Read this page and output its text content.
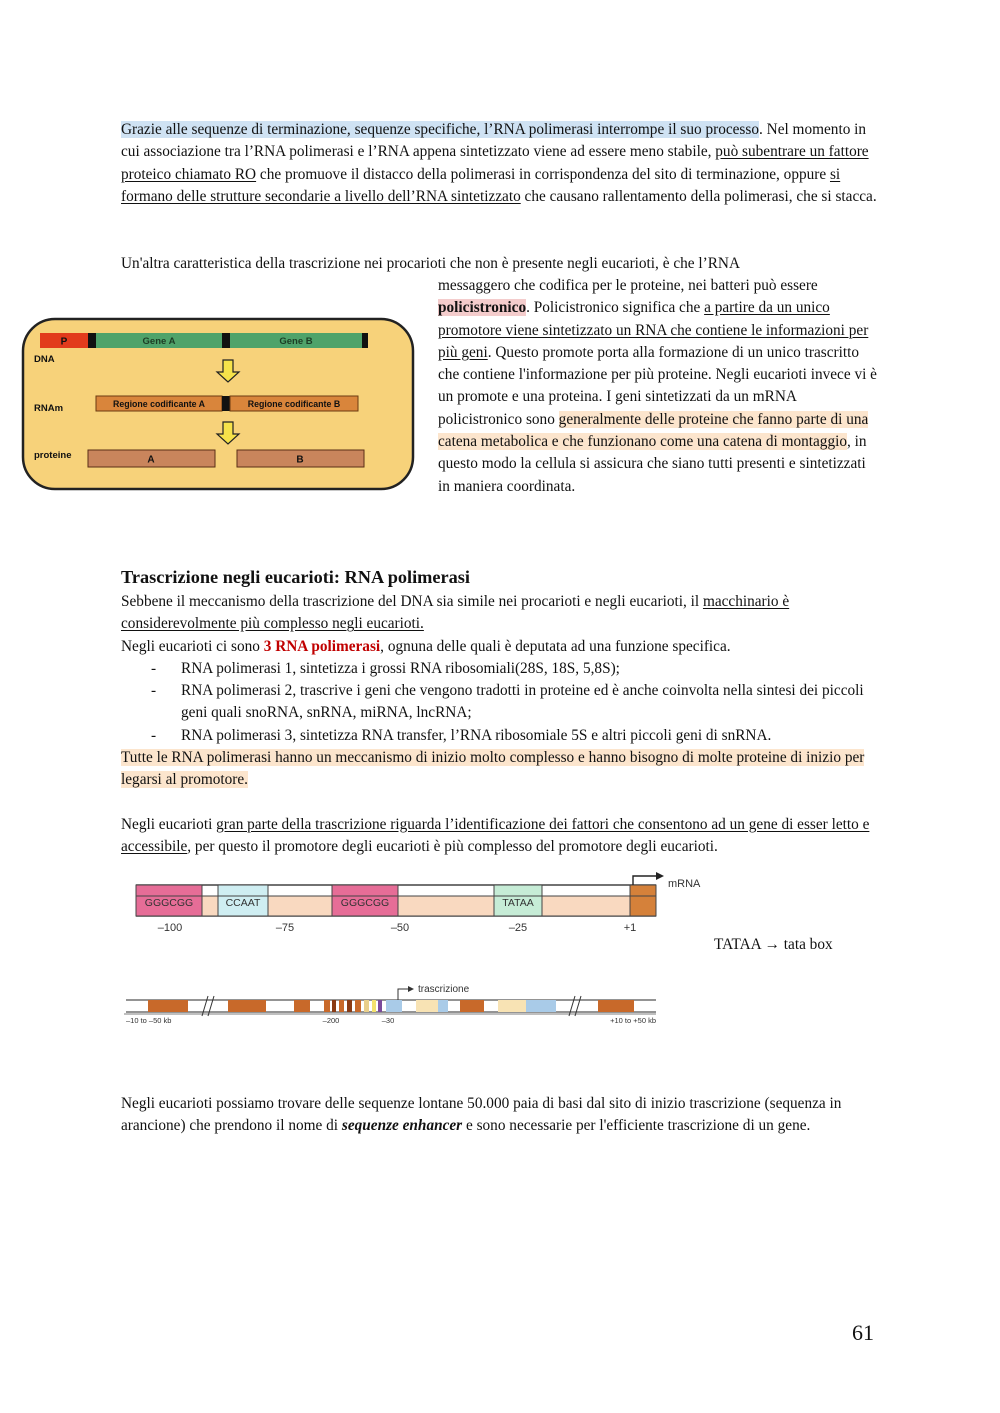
Grazie alle sequenze di terminazione, sequenze specifiche, l’RNA polimerasi interrompe il suo processo. Nel momento in cui associazione tra l’RNA polimerasi e l’RNA appena sintetizzato viene ad essere meno stabile, può subentrare un fattore proteico chiamato RO che promuove il distacco della polimerasi in corrispondenza del sito di terminazione, oppure si formano delle strutture secondarie a livello dell’RNA sintetizzato che causano rallentamento della polimerasi, che si stacca.

Un'altra caratteristica della trascrizione nei procarioti che non è presente negli eucarioti, è che l’RNA

messaggero che codifica per le proteine, nei batteri può essere policistronico. Policistronico significa che a partire da un unico promotore viene sintetizzato un RNA che contiene le informazioni per più geni. Questo promote porta alla formazione di un unico trascritto che contiene l'informazione per più proteine. Negli eucarioti invece vi è un promote e una proteina. I geni sintetizzati da un mRNA policistronico sono generalmente delle proteine che fanno parte di una catena metabolica e che funzionano come una catena di montaggio, in questo modo la cellula si assicura che siano tutti presenti e sintetizzati in maniera coordinata.

P	Gene A	Gene B
DNA
RNAm	Regione codificante A	Regione codificante B
proteine	A	B
Trascrizione negli eucarioti: RNA polimerasi

Sebbene il meccanismo della trascrizione del DNA sia simile nei procarioti e negli eucarioti, il macchinario è considerevolmente più complesso negli eucarioti.

Negli eucarioti ci sono 3 RNA polimerasi, ognuna delle quali è deputata ad una funzione specifica.

- RNA polimerasi 1, sintetizza i grossi RNA ribosomiali(28S, 18S, 5,8S);
- RNA polimerasi 2, trascrive i geni che vengono tradotti in proteine ed è anche coinvolta nella sintesi dei piccoli geni quali snoRNA, snRNA, miRNA, lncRNA;
- RNA polimerasi 3, sintetizza RNA transfer, l’RNA ribosomiale 5S e altri piccoli geni di snRNA.

Tutte le RNA polimerasi hanno un meccanismo di inizio molto complesso e hanno bisogno di molte proteine di inizio per legarsi al promotore.

Negli eucarioti gran parte della trascrizione riguarda l’identificazione dei fattori che consentono ad un gene di esser letto e accessibile, per questo il promotore degli eucarioti è più complesso del promotore degli eucarioti.

GGGCGG	CCAAT	GGGCGG	TATAA
mRNA
–100	–75	–50	–25	+1

TATAA → tata box

trascrizione
–10 to –50 kb	–200	–30	+10 to +50 kb

Negli eucarioti possiamo trovare delle sequenze lontane 50.000 paia di basi dal sito di inizio trascrizione (sequenza in arancione) che prendono il nome di sequenze enhancer e sono necessarie per l'efficiente trascrizione di un gene.

61
